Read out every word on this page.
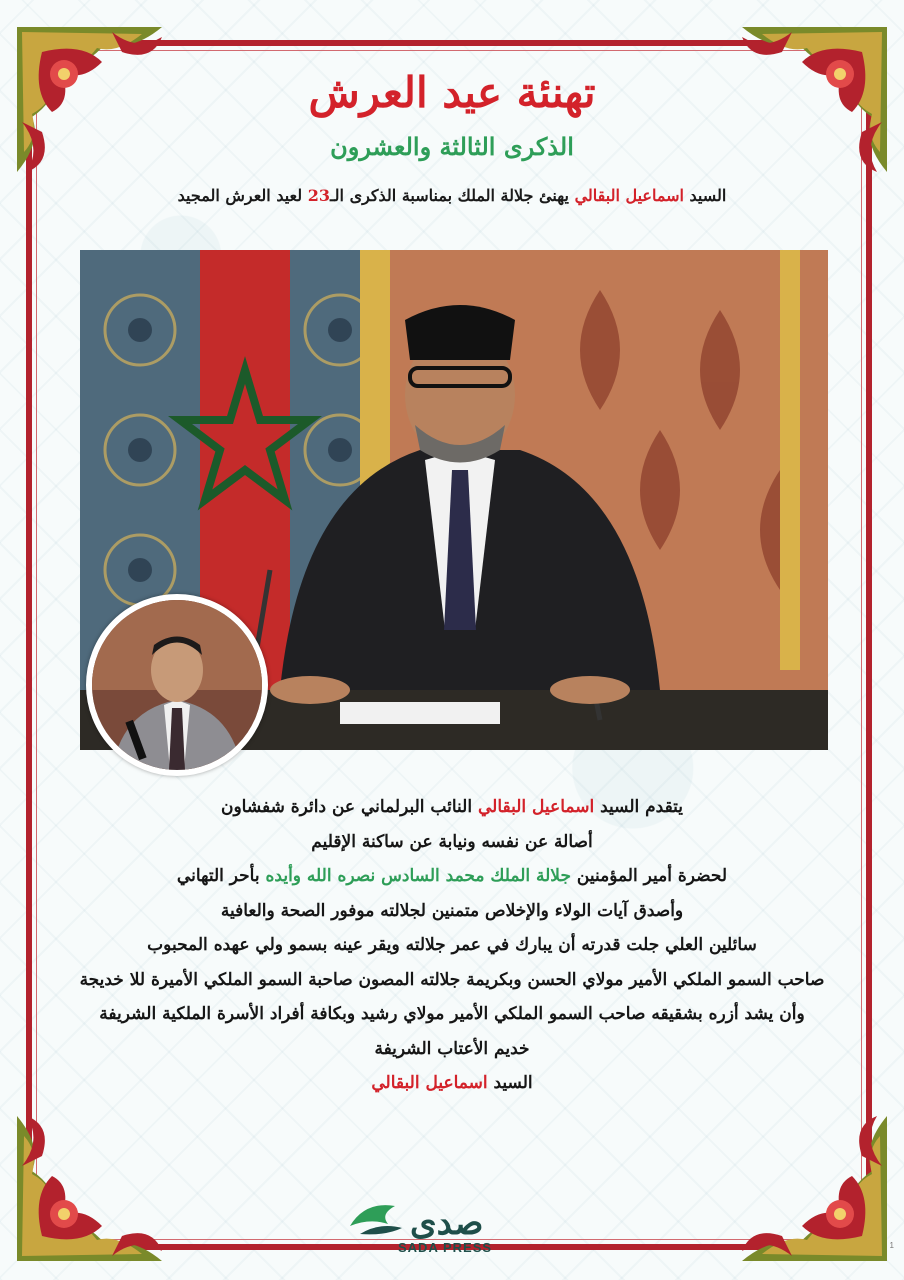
تهنئة عيد العرش
الذكرى الثالثة والعشرون
السيد اسماعيل البقالي يهنئ جلالة الملك بمناسبة الذكرى الـ23 لعيد العرش المجيد
يتقدم السيد اسماعيل البقالي النائب البرلماني عن دائرة شفشاون
أصالة عن نفسه ونيابة عن ساكنة الإقليم
لحضرة أمير المؤمنين جلالة الملك محمد السادس نصره الله وأيده بأحر التهاني
وأصدق آيات الولاء والإخلاص متمنين لجلالته موفور الصحة والعافية
سائلين العلي جلت قدرته أن يبارك في عمر جلالته ويقر عينه بسمو ولي عهده المحبوب
صاحب السمو الملكي الأمير مولاي الحسن وبكريمة جلالته المصون صاحبة السمو الملكي الأميرة للا خديجة
وأن يشد أزره بشقيقه صاحب السمو الملكي الأمير مولاي رشيد وبكافة أفراد الأسرة الملكية الشريفة
خديم الأعتاب الشريفة
السيد اسماعيل البقالي
صدى
SADA PRESS	1
